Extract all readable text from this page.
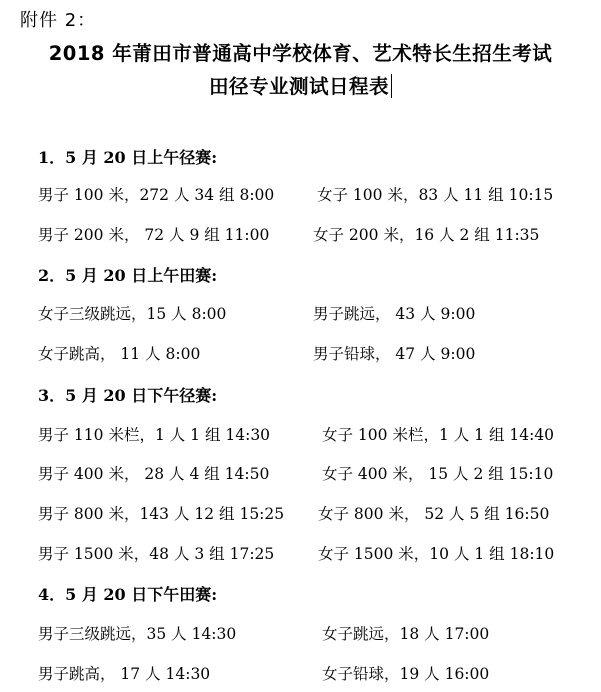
附件 2：
2018 年莆田市普通高中学校体育、艺术特长生招生考试
田径专业测试日程表
1．5 月 20 日上午径赛:
男子 100 米，272 人 34 组 8:00	女子 100 米，83 人 11 组 10:15
男子 200 米， 72 人 9 组 11:00	女子 200 米，16 人 2 组 11:35
2．5 月 20 日上午田赛:
女子三级跳远，15 人 8:00	男子跳远， 43 人 9:00
女子跳高， 11 人 8:00	男子铅球， 47 人 9:00
3．5 月 20 日下午径赛:
男子 110 米栏，1 人 1 组 14:30	女子 100 米栏，1 人 1 组 14:40
男子 400 米， 28 人 4 组 14:50	女子 400 米， 15 人 2 组 15:10
男子 800 米，143 人 12 组 15:25 女子 800 米， 52 人 5 组 16:50
男子 1500 米，48 人 3 组 17:25	女子 1500 米，10 人 1 组 18:10
4．5 月 20 日下午田赛:
男子三级跳远，35 人 14:30	女子跳远，18 人 17:00
男子跳高， 17 人 14:30	女子铅球，19 人 16:00
